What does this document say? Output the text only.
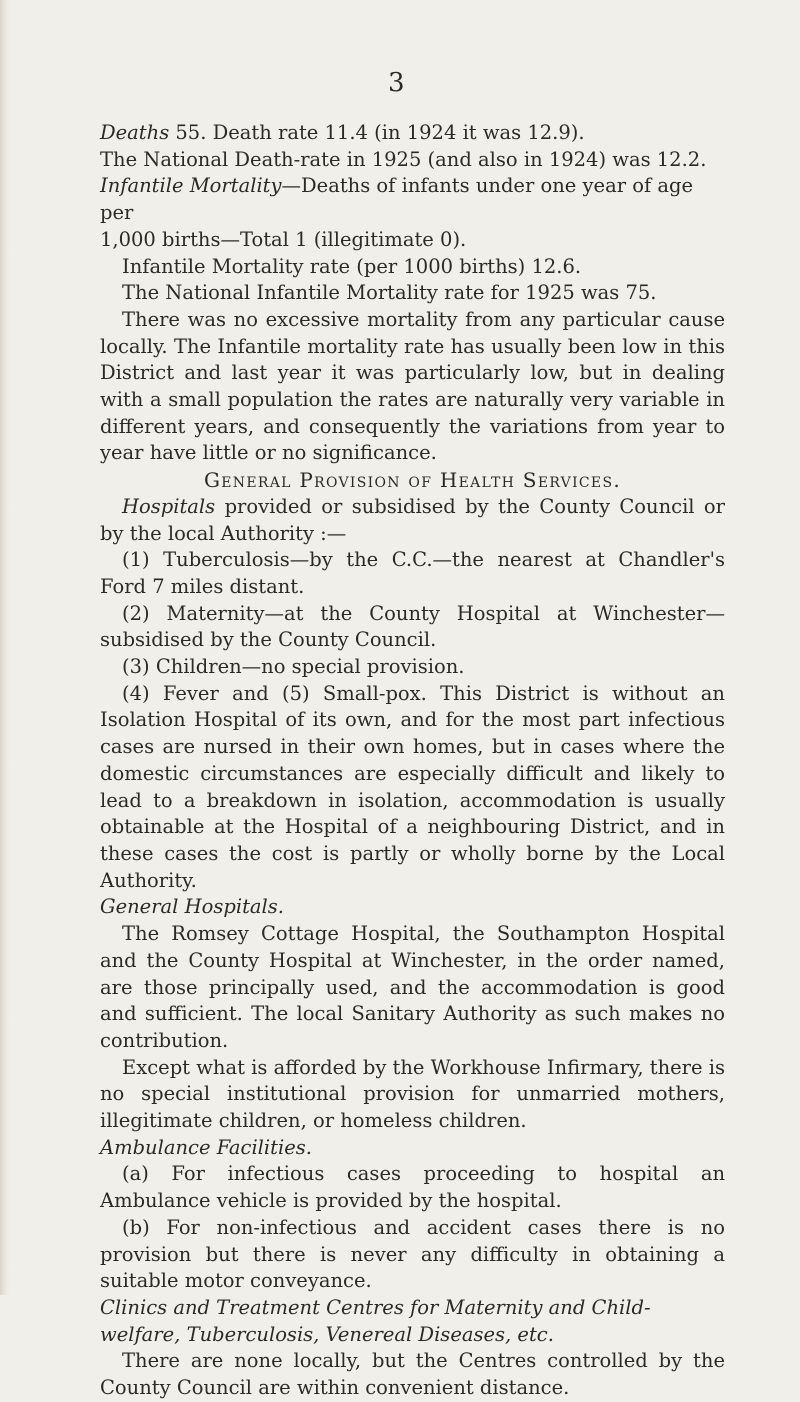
3

Deaths 55. Death rate 11.4 (in 1924 it was 12.9).

The National Death-rate in 1925 (and also in 1924) was 12.2.

Infantile Mortality—Deaths of infants under one year of age per

1,000 births—Total 1 (illegitimate 0).

Infantile Mortality rate (per 1000 births) 12.6.

The National Infantile Mortality rate for 1925 was 75.

There was no excessive mortality from any particular cause locally. The Infantile mortality rate has usually been low in this District and last year it was particularly low, but in dealing with a small population the rates are naturally very variable in different years, and consequently the variations from year to year have little or no significance.

General Provision of Health Services.

Hospitals provided or subsidised by the County Council or by the local Authority :—

(1) Tuberculosis—by the C.C.—the nearest at Chandler's Ford 7 miles distant.

(2) Maternity—at the County Hospital at Winchester—subsidised by the County Council.

(3) Children—no special provision.

(4) Fever and (5) Small-pox. This District is without an Isolation Hospital of its own, and for the most part infectious cases are nursed in their own homes, but in cases where the domestic circumstances are especially difficult and likely to lead to a breakdown in isolation, accommodation is usually obtainable at the Hospital of a neighbouring District, and in these cases the cost is partly or wholly borne by the Local Authority.

General Hospitals.

The Romsey Cottage Hospital, the Southampton Hospital and the County Hospital at Winchester, in the order named, are those principally used, and the accommodation is good and sufficient. The local Sanitary Authority as such makes no contribution.

Except what is afforded by the Workhouse Infirmary, there is no special institutional provision for unmarried mothers, illegitimate children, or homeless children.

Ambulance Facilities.

(a) For infectious cases proceeding to hospital an Ambulance vehicle is provided by the hospital.

(b) For non-infectious and accident cases there is no provision but there is never any difficulty in obtaining a suitable motor conveyance.

Clinics and Treatment Centres for Maternity and Child-welfare, Tuberculosis, Venereal Diseases, etc.

There are none locally, but the Centres controlled by the County Council are within convenient distance.
